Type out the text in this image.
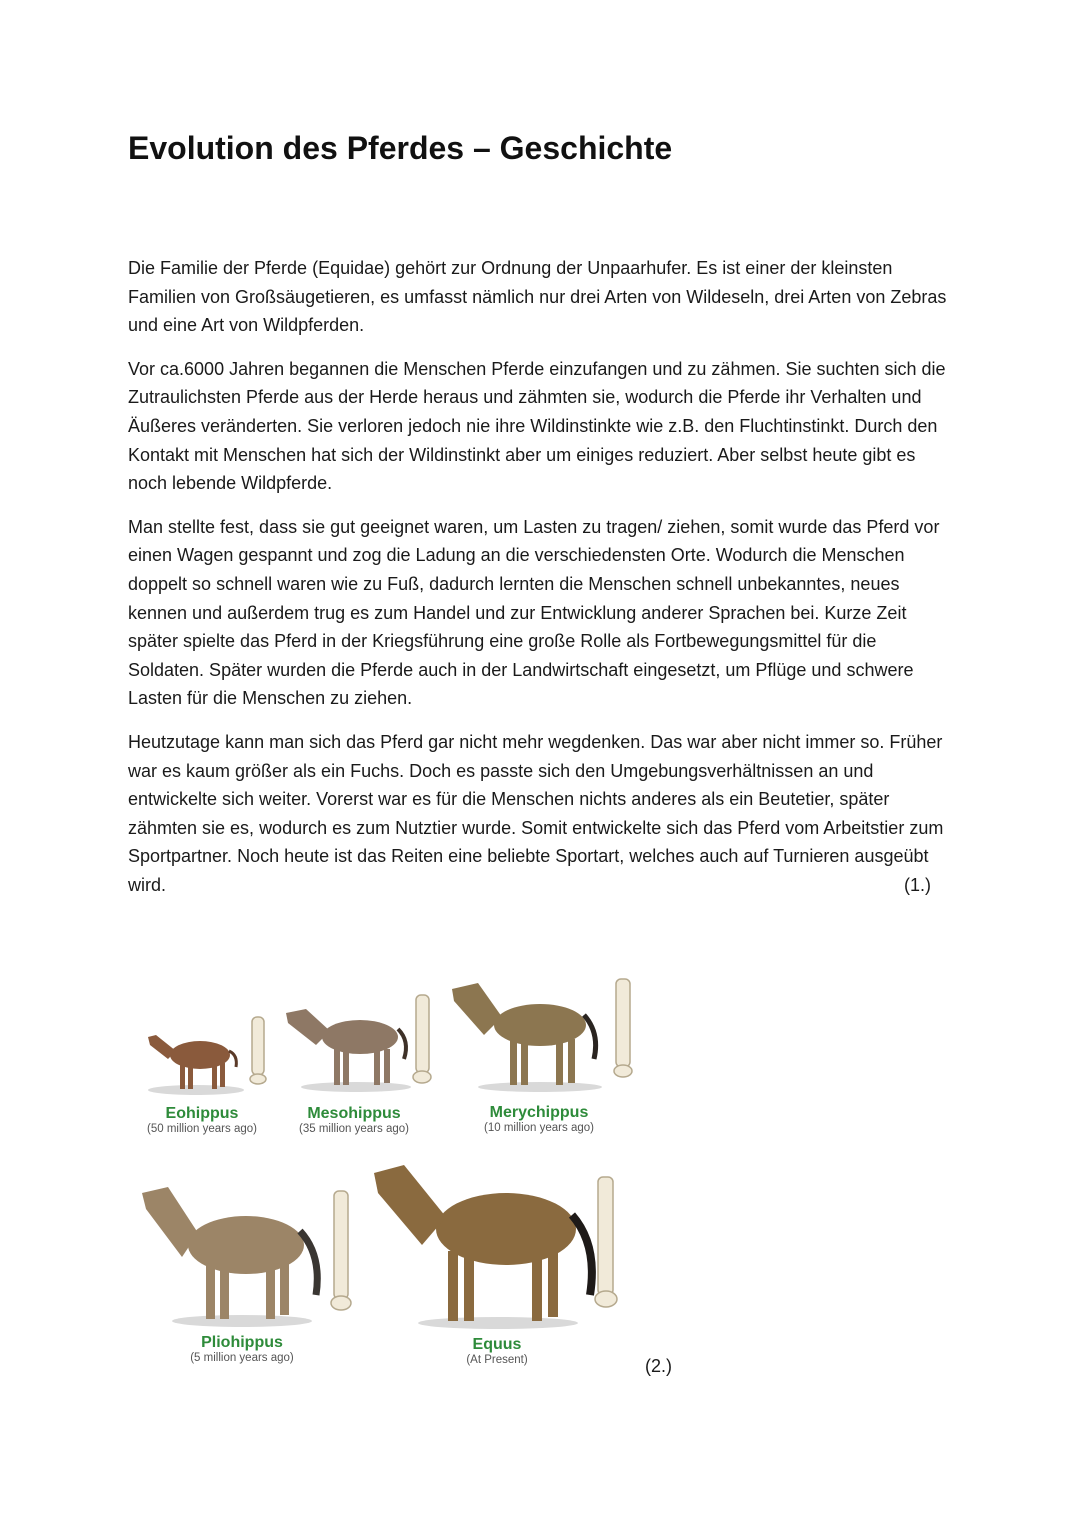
Evolution des Pferdes – Geschichte

Die Familie der Pferde (Equidae) gehört zur Ordnung der Unpaarhufer. Es ist einer der kleinsten Familien von Großsäugetieren, es umfasst nämlich nur drei Arten von Wildeseln, drei Arten von Zebras und eine Art von Wildpferden.

Vor ca.6000 Jahren begannen die Menschen Pferde einzufangen und zu zähmen. Sie suchten sich die Zutraulichsten Pferde aus der Herde heraus und zähmten sie, wodurch die Pferde ihr Verhalten und Äußeres veränderten. Sie verloren jedoch nie ihre Wildinstinkte wie z.B. den Fluchtinstinkt. Durch den Kontakt mit Menschen hat sich der Wildinstinkt aber um einiges reduziert. Aber selbst heute gibt es noch lebende Wildpferde.

Man stellte fest, dass sie gut geeignet waren, um Lasten zu tragen/ ziehen, somit wurde das Pferd vor einen Wagen gespannt und zog die Ladung an die verschiedensten Orte. Wodurch die Menschen doppelt so schnell waren wie zu Fuß, dadurch lernten die Menschen schnell unbekanntes, neues kennen und außerdem trug es zum Handel und zur Entwicklung anderer Sprachen bei. Kurze Zeit später spielte das Pferd in der Kriegsführung eine große Rolle als Fortbewegungsmittel für die Soldaten. Später wurden die Pferde auch in der Landwirtschaft eingesetzt, um Pflüge und schwere Lasten für die Menschen zu ziehen.

Heutzutage kann man sich das Pferd gar nicht mehr wegdenken. Das war aber nicht immer so. Früher war es kaum größer als ein Fuchs. Doch es passte sich den Umgebungsverhältnissen an und entwickelte sich weiter. Vorerst war es für die Menschen nichts anderes als ein Beutetier, später zähmten sie es, wodurch es zum Nutztier wurde. Somit entwickelte sich das Pferd vom Arbeitstier zum Sportpartner. Noch heute ist das Reiten eine beliebte Sportart, welches auch auf Turnieren ausgeübt wird.	(1.)

Eohippus
(50 million years ago)
Mesohippus
(35 million years ago)
Merychippus
(10 million years ago)
Pliohippus
(5 million years ago)
Equus
(At Present)	(2.)
